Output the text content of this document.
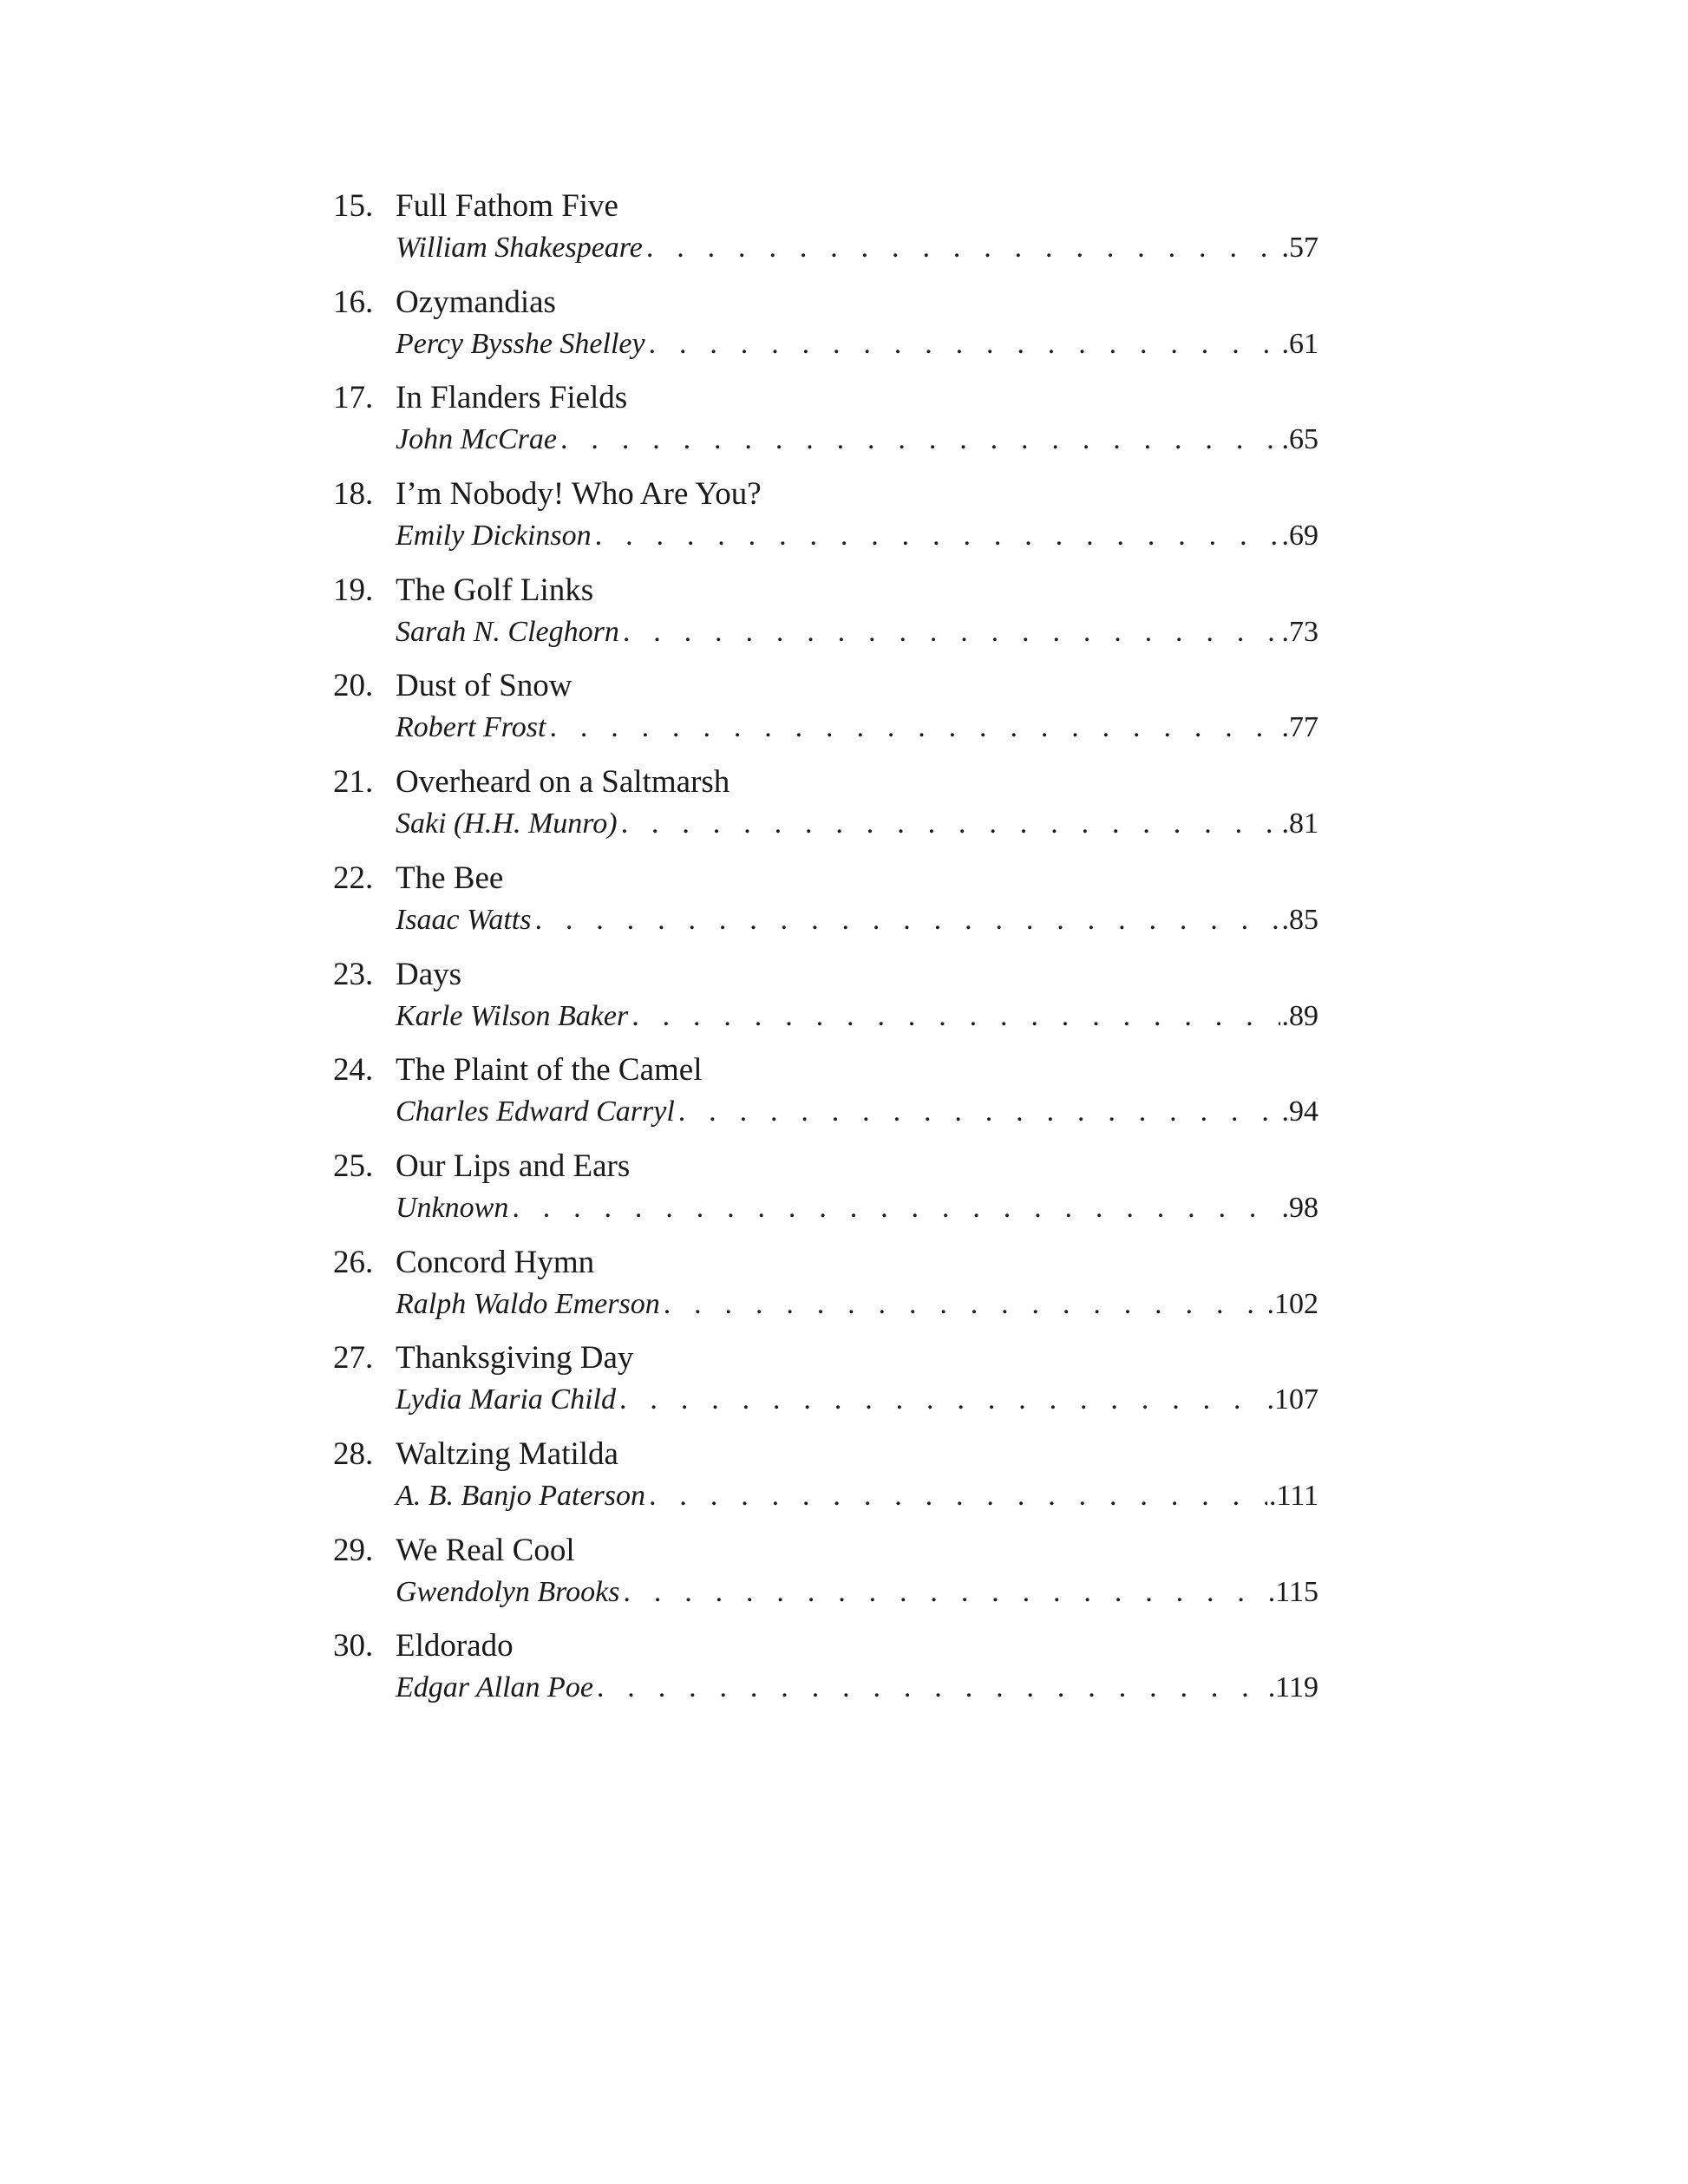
15. Full Fathom Five
William Shakespeare . . .	.57
16. Ozymandias
Percy Bysshe Shelley . . .	.61
17. In Flanders Fields
John McCrae . . .	.65
18. I’m Nobody! Who Are You?
Emily Dickinson . . .	.69
19. The Golf Links
Sarah N. Cleghorn . . .	.73
20. Dust of Snow
Robert Frost . . .	.77
21. Overheard on a Saltmarsh
Saki (H.H. Munro) . . .	.81
22. The Bee
Isaac Watts . . .	.85
23. Days
Karle Wilson Baker . . .	.89
24. The Plaint of the Camel
Charles Edward Carryl . . .	.94
25. Our Lips and Ears
Unknown . . .	.98
26. Concord Hymn
Ralph Waldo Emerson . . .	.102
27. Thanksgiving Day
Lydia Maria Child . . .	.107
28. Waltzing Matilda
A. B. Banjo Paterson . . .	.111
29. We Real Cool
Gwendolyn Brooks . . .	.115
30. Eldorado
Edgar Allan Poe . . .	.119
